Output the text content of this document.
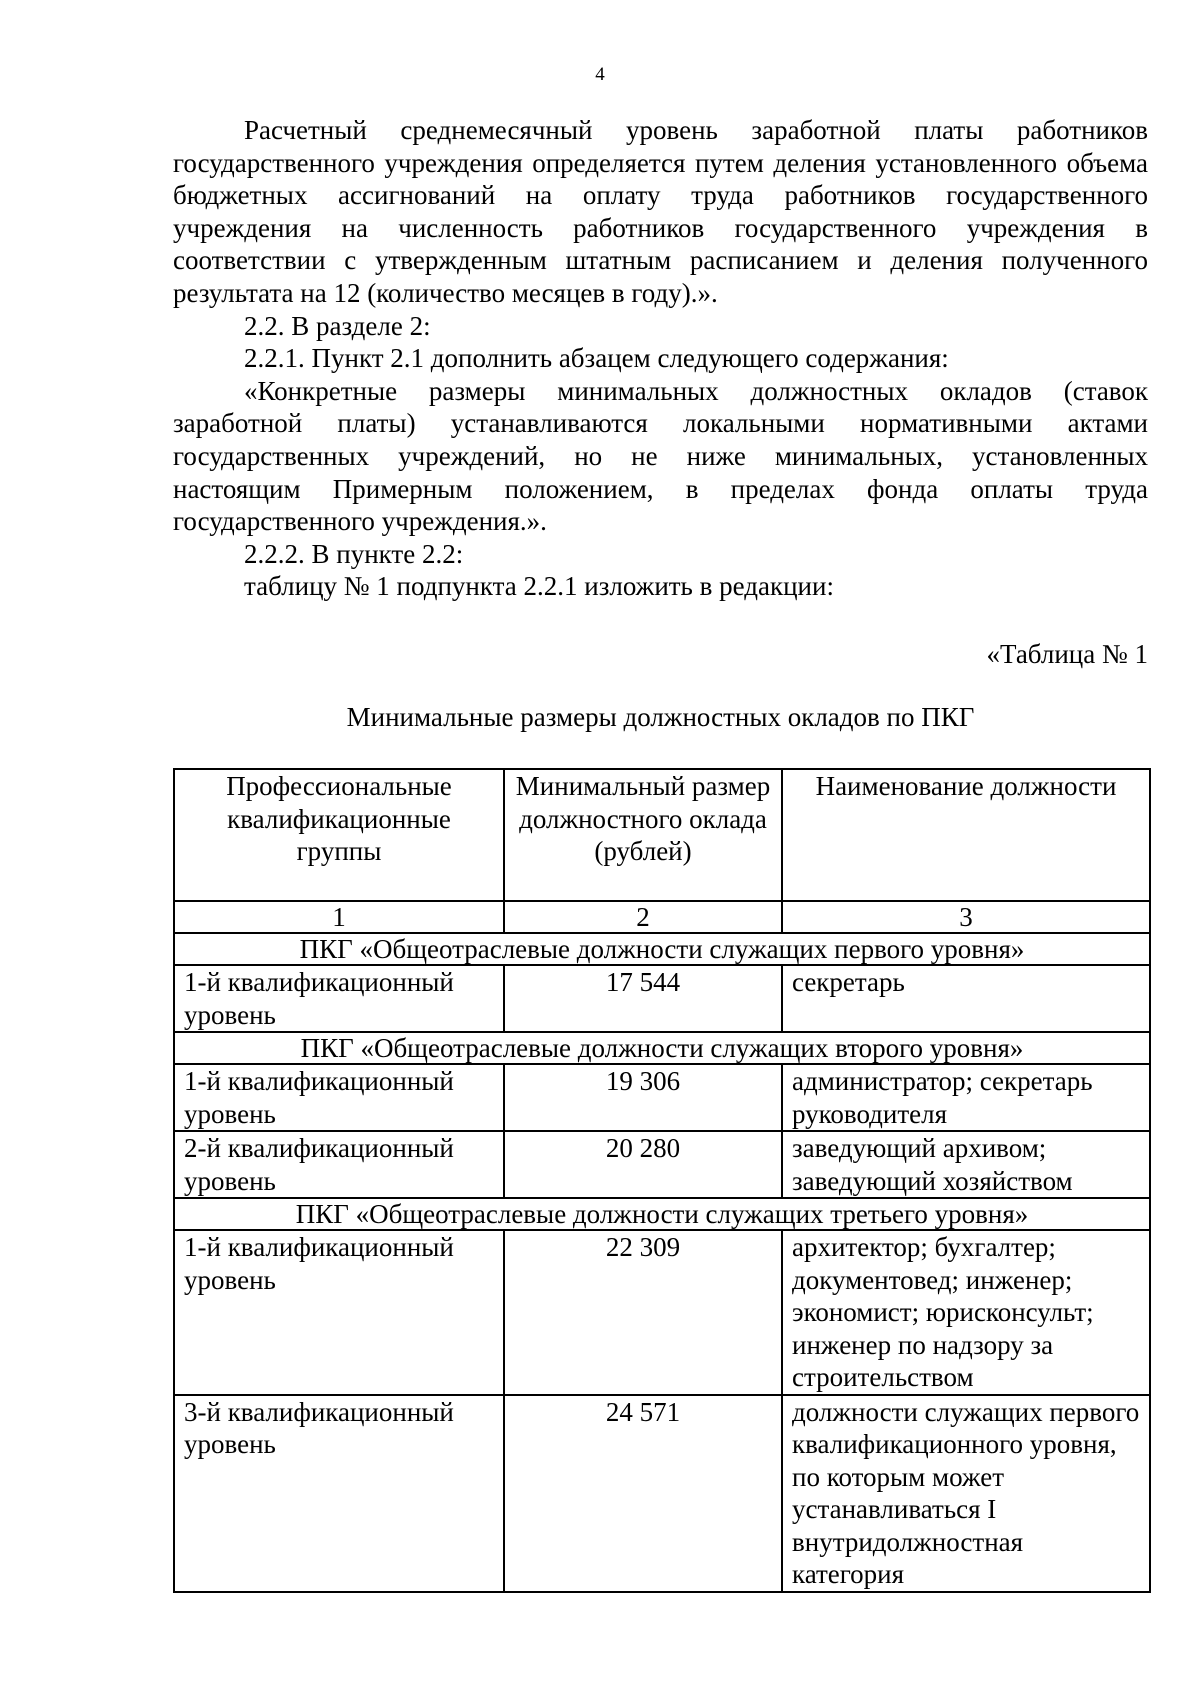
4

Расчетный среднемесячный уровень заработной платы работников государственного учреждения определяется путем деления установленного объема бюджетных ассигнований на оплату труда работников государственного учреждения на численность работников государственного учреждения в соответствии с утвержденным штатным расписанием и деления полученного результата на 12 (количество месяцев в году).».

2.2. В разделе 2:

2.2.1. Пункт 2.1 дополнить абзацем следующего содержания:

«Конкретные размеры минимальных должностных окладов (ставок заработной платы) устанавливаются локальными нормативными актами государственных учреждений, но не ниже минимальных, установленных настоящим Примерным положением, в пределах фонда оплаты труда государственного учреждения.».

2.2.2. В пункте 2.2:

таблицу № 1 подпункта 2.2.1 изложить в редакции:

«Таблица № 1
Минимальные размеры должностных окладов по ПКГ
Профессиональные квалификационные группы	Минимальный размер должностного оклада (рублей)	Наименование должности
1	2	3
ПКГ «Общеотраслевые должности служащих первого уровня»		
1-й квалификационный уровень	17 544	секретарь
ПКГ «Общеотраслевые должности служащих второго уровня»		
1-й квалификационный уровень	19 306	администратор; секретарь руководителя
2-й квалификационный уровень	20 280	заведующий архивом; заведующий хозяйством
ПКГ «Общеотраслевые должности служащих третьего уровня»		
1-й квалификационный уровень	22 309	архитектор; бухгалтер; документовед; инженер; экономист; юрисконсульт; инженер по надзору за строительством
3-й квалификационный уровень	24 571	должности служащих первого квалификационного уровня, по которым может устанавливаться I внутридолжностная категория
